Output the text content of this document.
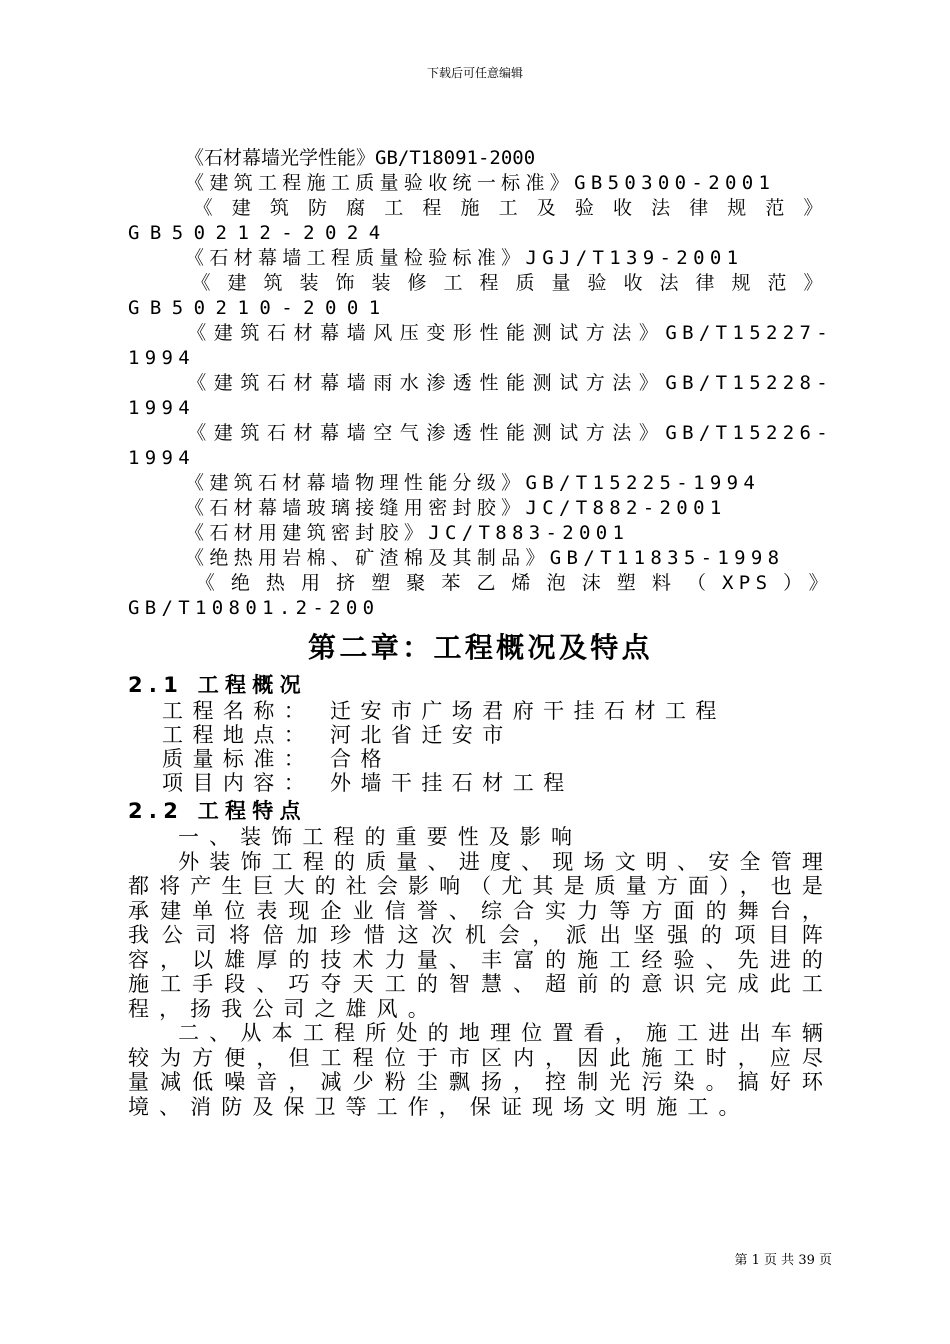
下载后可任意编辑

《石材幕墙光学性能》GB/T18091-2000

《建筑工程施工质量验收统一标准》GB50300-2001

《建筑防腐工程施工及验收法律规范》GB50212-2024

《石材幕墙工程质量检验标准》JGJ/T139-2001

《建筑装饰装修工程质量验收法律规范》GB50210-2001

《建筑石材幕墙风压变形性能测试方法》GB/T15227-1994

《建筑石材幕墙雨水渗透性能测试方法》GB/T15228-1994

《建筑石材幕墙空气渗透性能测试方法》GB/T15226-1994

《建筑石材幕墙物理性能分级》GB/T15225-1994

《石材幕墙玻璃接缝用密封胶》JC/T882-2001

《石材用建筑密封胶》JC/T883-2001

《绝热用岩棉、矿渣棉及其制品》GB/T11835-1998

《绝热用挤塑聚苯乙烯泡沫塑料（XPS）》GB/T10801.2-200

第二章：工程概况及特点
2.1 工程概况

工程名称： 迁安市广场君府干挂石材工程

工程地点： 河北省迁安市

质量标准： 合格

项目内容： 外墙干挂石材工程

2.2 工程特点

一、装饰工程的重要性及影响

外装饰工程的质量、进度、现场文明、安全管理都将产生巨大的社会影响（尤其是质量方面），也是承建单位表现企业信誉、综合实力等方面的舞台，我公司将倍加珍惜这次机会，派出坚强的项目阵容，以雄厚的技术力量、丰富的施工经验、先进的施工手段、巧夺天工的智慧、超前的意识完成此工程，扬我公司之雄风。

二、从本工程所处的地理位置看，施工进出车辆较为方便，但工程位于市区内，因此施工时，应尽量减低噪音，减少粉尘飘扬，控制光污染。搞好环境、消防及保卫等工作，保证现场文明施工。

第 1 页 共 39 页
